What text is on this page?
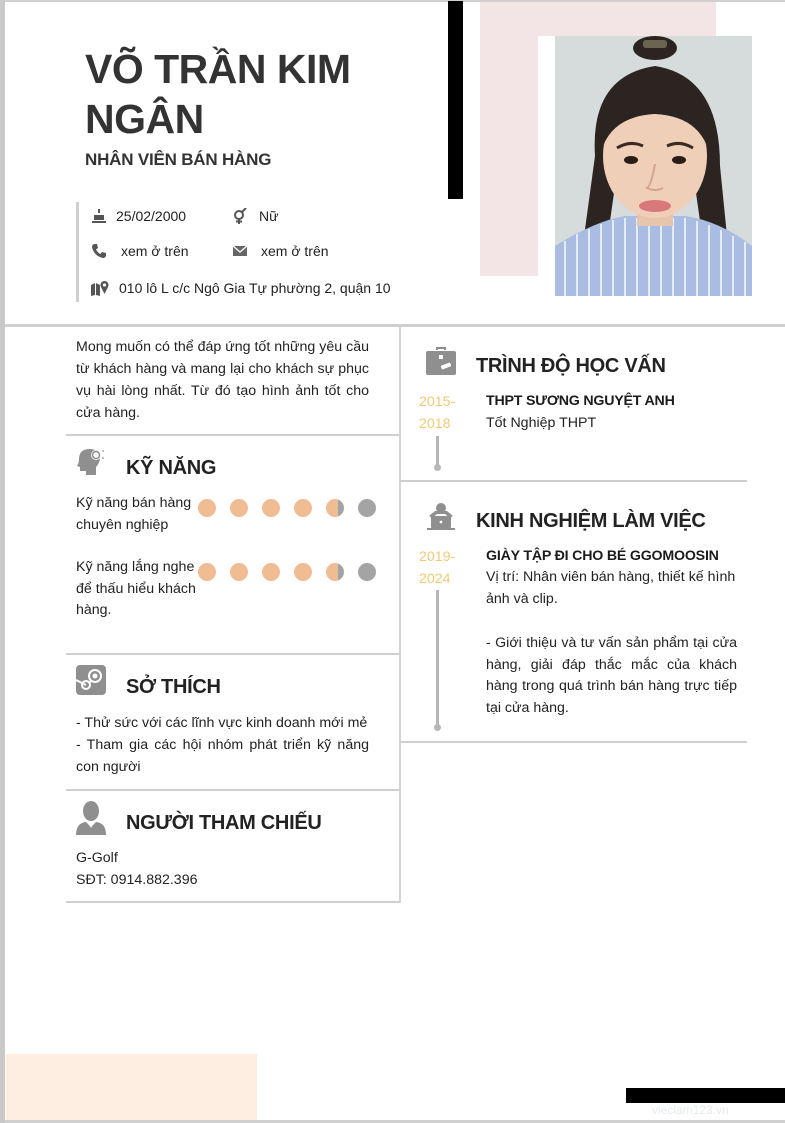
VÕ TRẦN KIM NGÂN
NHÂN VIÊN BÁN HÀNG
25/02/2000	Nữ
xem ở trên	xem ở trên
010 lô L c/c Ngô Gia Tự phường 2, quận 10

Mong muốn có thể đáp ứng tốt những yêu cầu từ khách hàng và mang lại cho khách sự phục vụ hài lòng nhất. Từ đó tạo hình ảnh tốt cho cửa hàng.

KỸ NĂNG
Kỹ năng bán hàng chuyên nghiệp
Kỹ năng lắng nghe để thấu hiểu khách hàng.
SỞ THÍCH
- Thử sức với các lĩnh vực kinh doanh mới mẻ
- Tham gia các hội nhóm phát triển kỹ năng con người
NGƯỜI THAM CHIẾU
G-Golf
SĐT: 0914.882.396
TRÌNH ĐỘ HỌC VẤN
2015-
2018
THPT SƯƠNG NGUYỆT ANH
Tốt Nghiệp THPT
KINH NGHIỆM LÀM VIỆC
2019-
2024
GIÀY TẬP ĐI CHO BÉ GGOMOOSIN
Vị trí: Nhân viên bán hàng, thiết kế hình ảnh và clip.
- Giới thiệu và tư vấn sản phẩm tại cửa hàng, giải đáp thắc mắc của khách hàng trong quá trình bán hàng trực tiếp tại cửa hàng.
vieclam123.vn
